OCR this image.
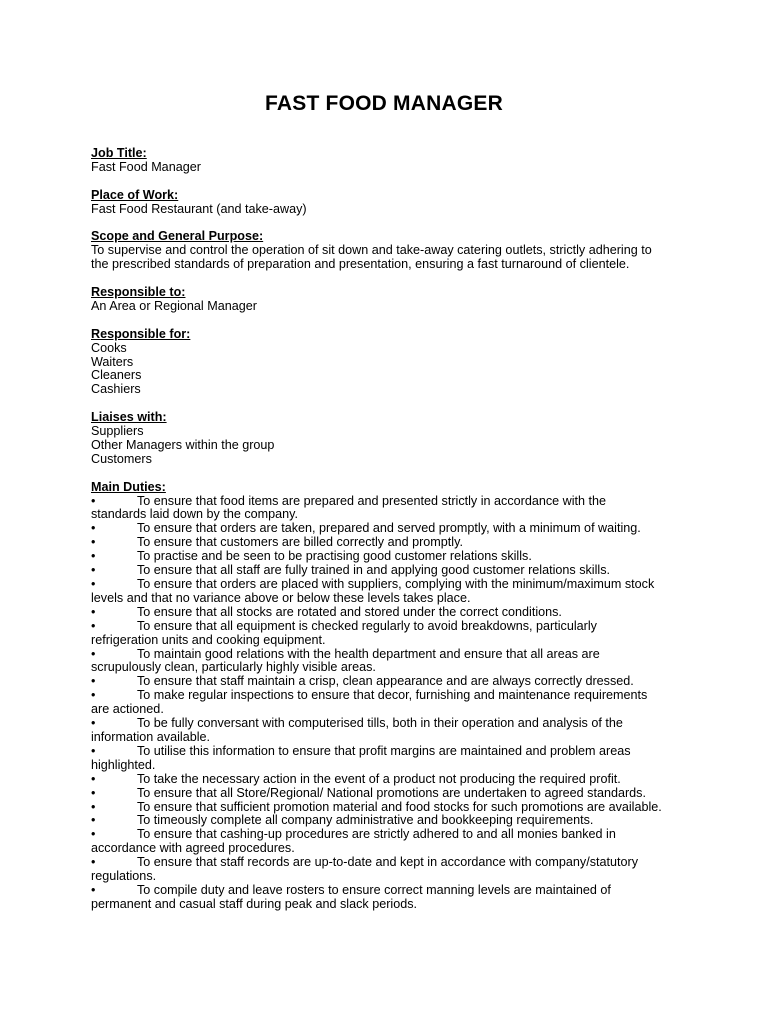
FAST FOOD MANAGER
Job Title:
Fast Food Manager
Place of Work:
Fast Food Restaurant (and take-away)
Scope and General Purpose:
To supervise and control the operation of sit down and take-away catering outlets, strictly adhering to
the prescribed standards of preparation and presentation, ensuring a fast turnaround of clientele.
Responsible to:
An Area or Regional Manager
Responsible for:
Cooks
Waiters
Cleaners
Cashiers
Liaises with:
Suppliers
Other Managers within the group
Customers
Main Duties:
•	To ensure that food items are prepared and presented strictly in accordance with the
standards laid down by the company.
•	To ensure that orders are taken, prepared and served promptly, with a minimum of waiting.
•	To ensure that customers are billed correctly and promptly.
•	To practise and be seen to be practising good customer relations skills.
•	To ensure that all staff are fully trained in and applying good customer relations skills.
•	To ensure that orders are placed with suppliers, complying with the minimum/maximum stock
levels and that no variance above or below these levels takes place.
•	To ensure that all stocks are rotated and stored under the correct conditions.
•	To ensure that all equipment is checked regularly to avoid breakdowns, particularly
refrigeration units and cooking equipment.
•	To maintain good relations with the health department and ensure that all areas are
scrupulously clean, particularly highly visible areas.
•	To ensure that staff maintain a crisp, clean appearance and are always correctly dressed.
•	To make regular inspections to ensure that decor, furnishing and maintenance requirements
are actioned.
•	To be fully conversant with computerised tills, both in their operation and analysis of the
information available.
•	To utilise this information to ensure that profit margins are maintained and problem areas
highlighted.
•	To take the necessary action in the event of a product not producing the required profit.
•	To ensure that all Store/Regional/ National promotions are undertaken to agreed standards.
•	To ensure that sufficient promotion material and food stocks for such promotions are available.
•	To timeously complete all company administrative and bookkeeping requirements.
•	To ensure that cashing-up procedures are strictly adhered to and all monies banked in
accordance with agreed procedures.
•	To ensure that staff records are up-to-date and kept in accordance with company/statutory
regulations.
•	To compile duty and leave rosters to ensure correct manning levels are maintained of
permanent and casual staff during peak and slack periods.
